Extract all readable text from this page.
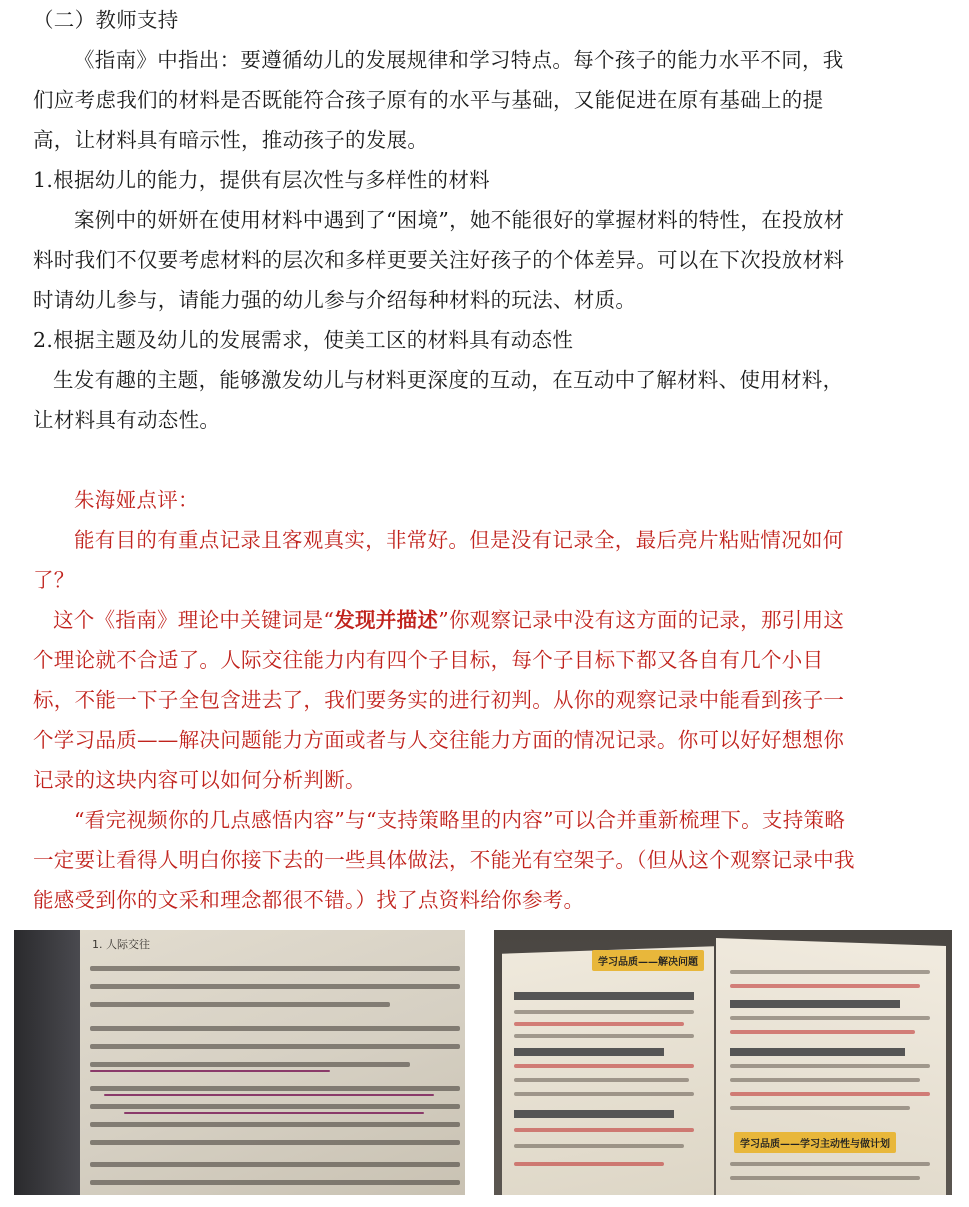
（二）教师支持

《指南》中指出：要遵循幼儿的发展规律和学习特点。每个孩子的能力水平不同，我们应考虑我们的材料是否既能符合孩子原有的水平与基础，又能促进在原有基础上的提高，让材料具有暗示性，推动孩子的发展。

1.根据幼儿的能力，提供有层次性与多样性的材料

案例中的妍妍在使用材料中遇到了“困境”，她不能很好的掌握材料的特性，在投放材料时我们不仅要考虑材料的层次和多样更要关注好孩子的个体差异。可以在下次投放材料时请幼儿参与，请能力强的幼儿参与介绍每种材料的玩法、材质。

2.根据主题及幼儿的发展需求，使美工区的材料具有动态性

生发有趣的主题，能够激发幼儿与材料更深度的互动，在互动中了解材料、使用材料，让材料具有动态性。

朱海娅点评：

能有目的有重点记录且客观真实，非常好。但是没有记录全，最后亮片粘贴情况如何了？

这个《指南》理论中关键词是“发现并描述”你观察记录中没有这方面的记录，那引用这个理论就不合适了。人际交往能力内有四个子目标，每个子目标下都又各自有几个小目标，不能一下子全包含进去了，我们要务实的进行初判。从你的观察记录中能看到孩子一个学习品质——解决问题能力方面或者与人交往能力方面的情况记录。你可以好好想想你记录的这块内容可以如何分析判断。

“看完视频你的几点感悟内容”与“支持策略里的内容”可以合并重新梳理下。支持策略一定要让看得人明白你接下去的一些具体做法，不能光有空架子。（但从这个观察记录中我能感受到你的文采和理念都很不错。）找了点资料给你参考。

1. 人际交往
学习品质——解决问题
学习品质——学习主动性与做计划
